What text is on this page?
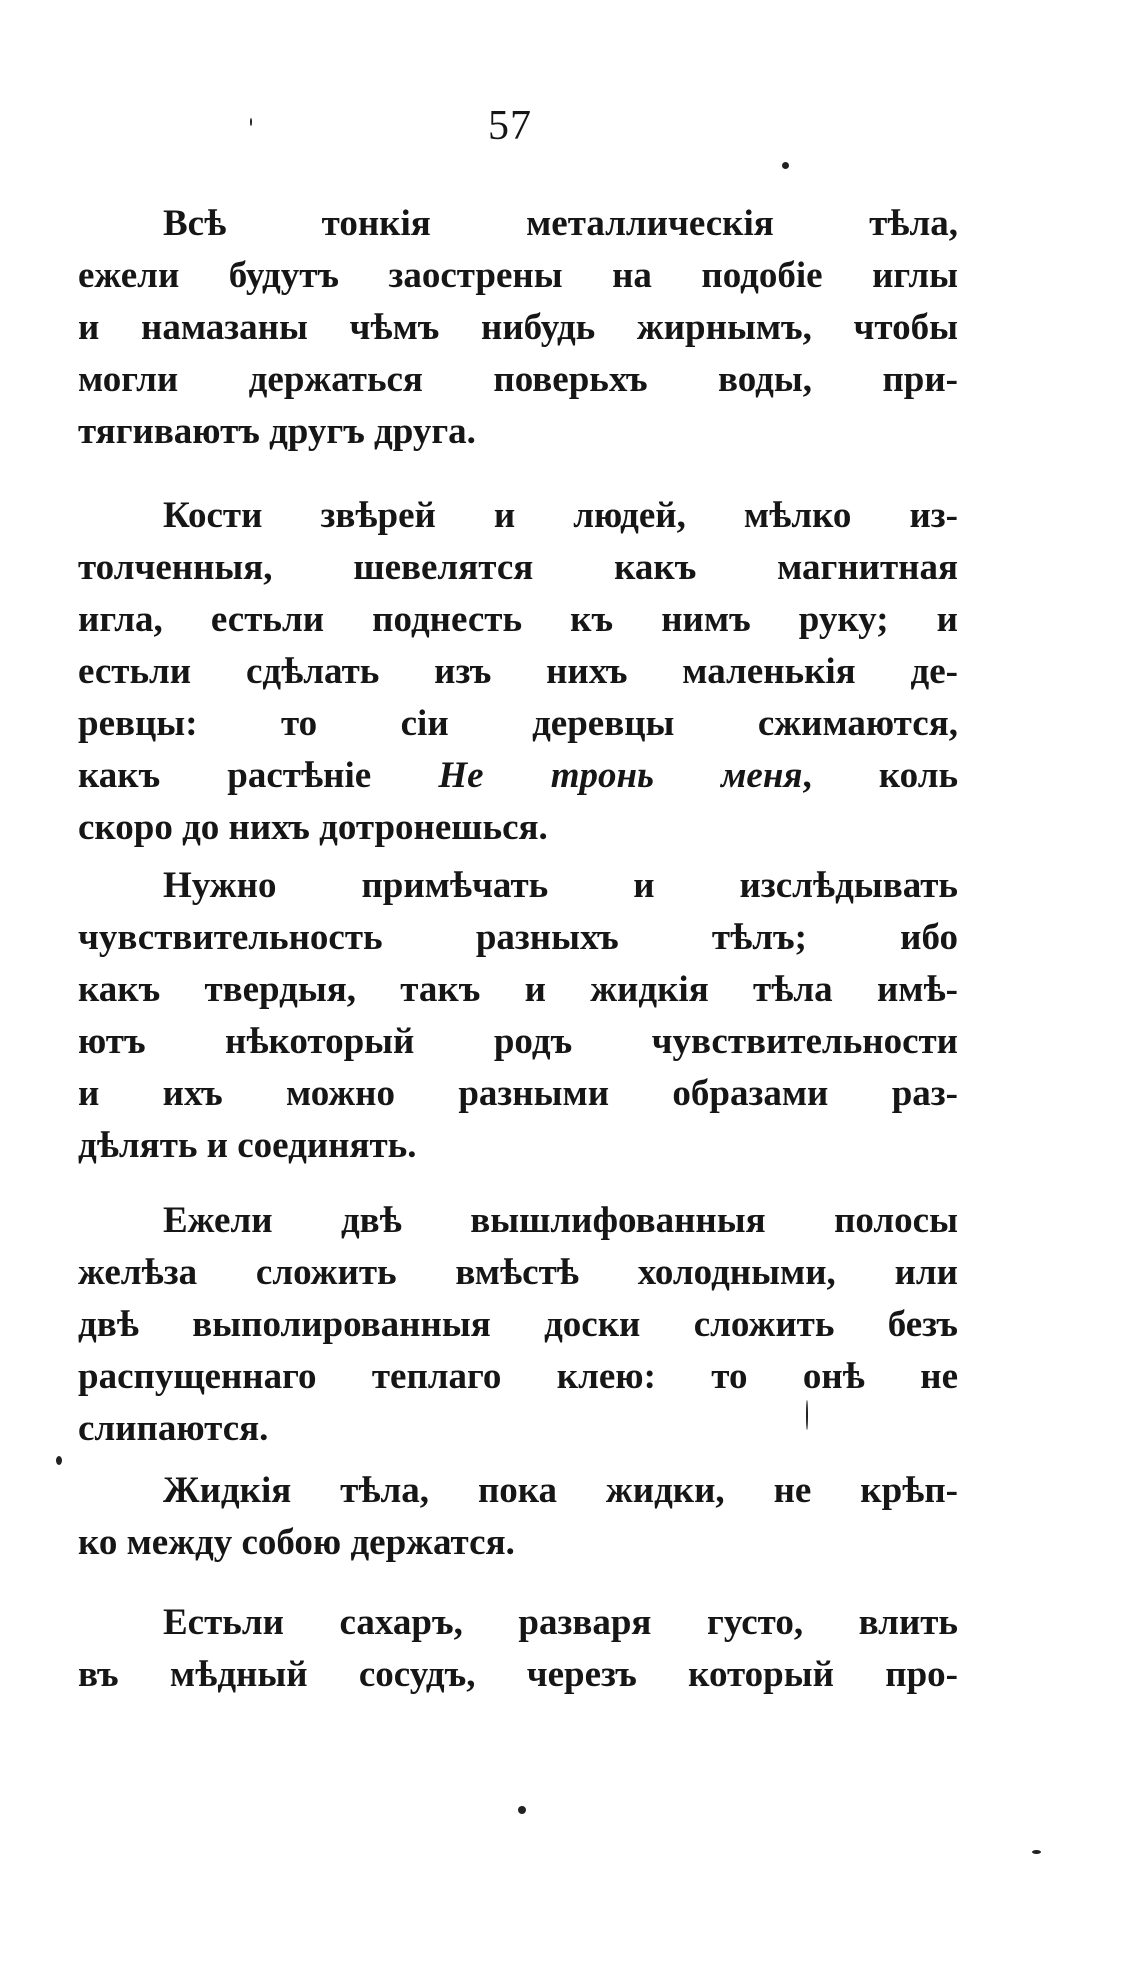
57
Всѣ тонкія металлическія тѣла,
ежели будутъ заострены на подобіе иглы
и намазаны чѣмъ нибудь жирнымъ, чтобы
могли держаться поверьхъ воды, при-
тягиваютъ другъ друга.
Кости звѣрей и людей, мѣлко из-
толченныя, шевелятся какъ магнитная
игла, естьли поднесть къ нимъ руку; и
естьли сдѣлать изъ нихъ маленькія де-
ревцы: то сіи деревцы сжимаются,
какъ растѣніе Не тронь меня, коль
скоро до нихъ дотронешься.
Нужно примѣчать и изслѣдывать
чувствительность разныхъ тѣлъ; ибо
какъ твердыя, такъ и жидкія тѣла имѣ-
ютъ нѣкоторый родъ чувствительности
и ихъ можно разными образами раз-
дѣлять и соединять.
Ежели двѣ вышлифованныя полосы
желѣза сложить вмѣстѣ холодными, или
двѣ выполированныя доски сложить безъ
распущеннаго теплаго клею: то онѣ не
слипаются.
Жидкія тѣла, пока жидки, не крѣп-
ко между собою держатся.
Естьли сахаръ, разваря густо, влить
въ мѣдный сосудъ, черезъ который про-
